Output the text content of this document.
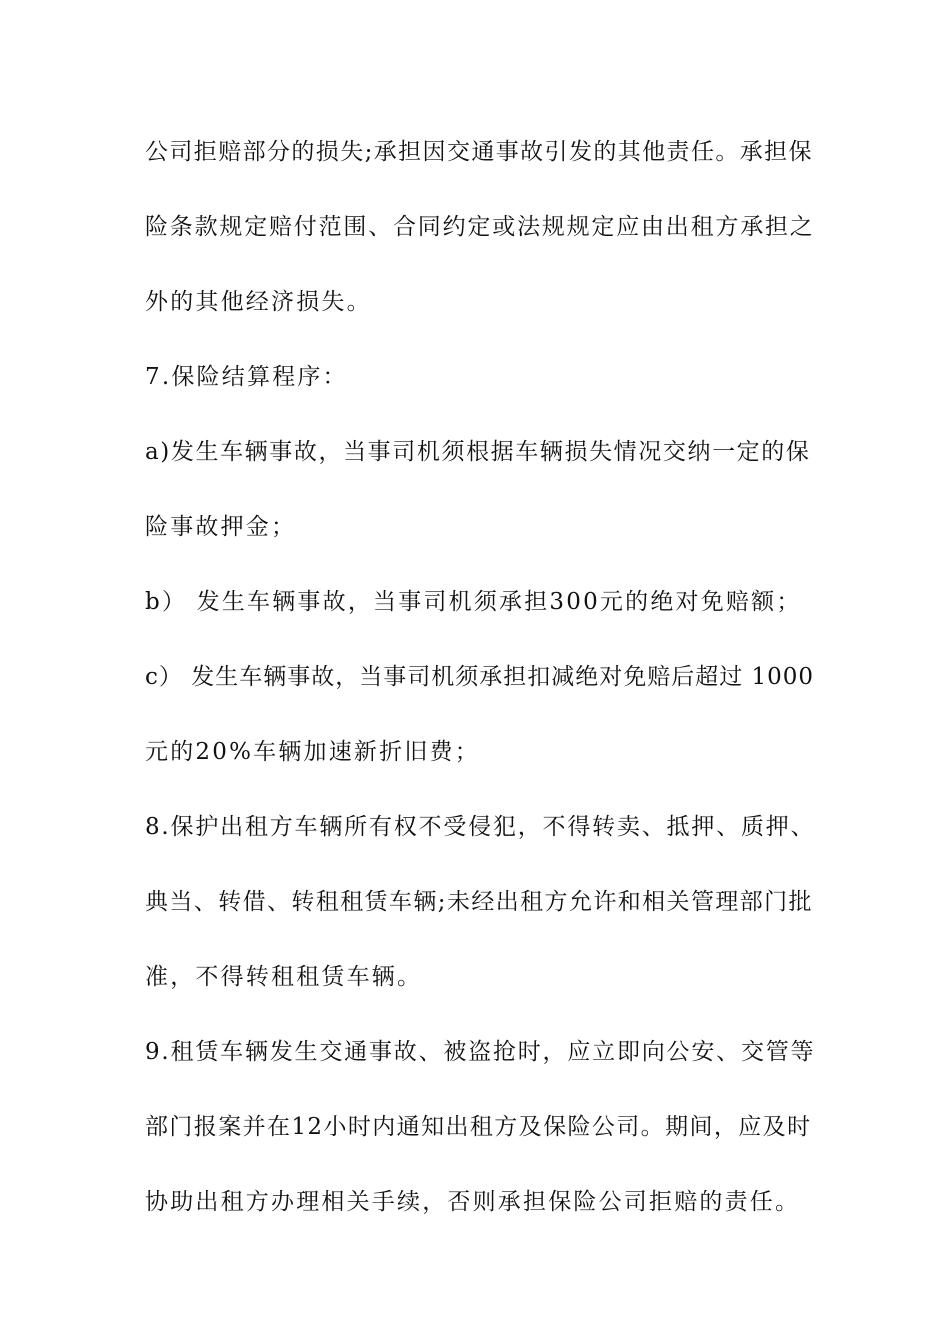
公司拒赔部分的损失;承担因交通事故引发的其他责任。承担保
险条款规定赔付范围、合同约定或法规规定应由出租方承担之
外的其他经济损失。
7.保险结算程序：
a)发生车辆事故，当事司机须根据车辆损失情况交纳一定的保
险事故押金；
b） 发生车辆事故，当事司机须承担300元的绝对免赔额；
c） 发生车辆事故，当事司机须承担扣减绝对免赔后超过 1000
元的20%车辆加速新折旧费；
8.保护出租方车辆所有权不受侵犯，不得转卖、抵押、质押、
典当、转借、转租租赁车辆;未经出租方允许和相关管理部门批
准，不得转租租赁车辆。
9.租赁车辆发生交通事故、被盗抢时，应立即向公安、交管等
部门报案并在12小时内通知出租方及保险公司。期间，应及时
协助出租方办理相关手续，否则承担保险公司拒赔的责任。
